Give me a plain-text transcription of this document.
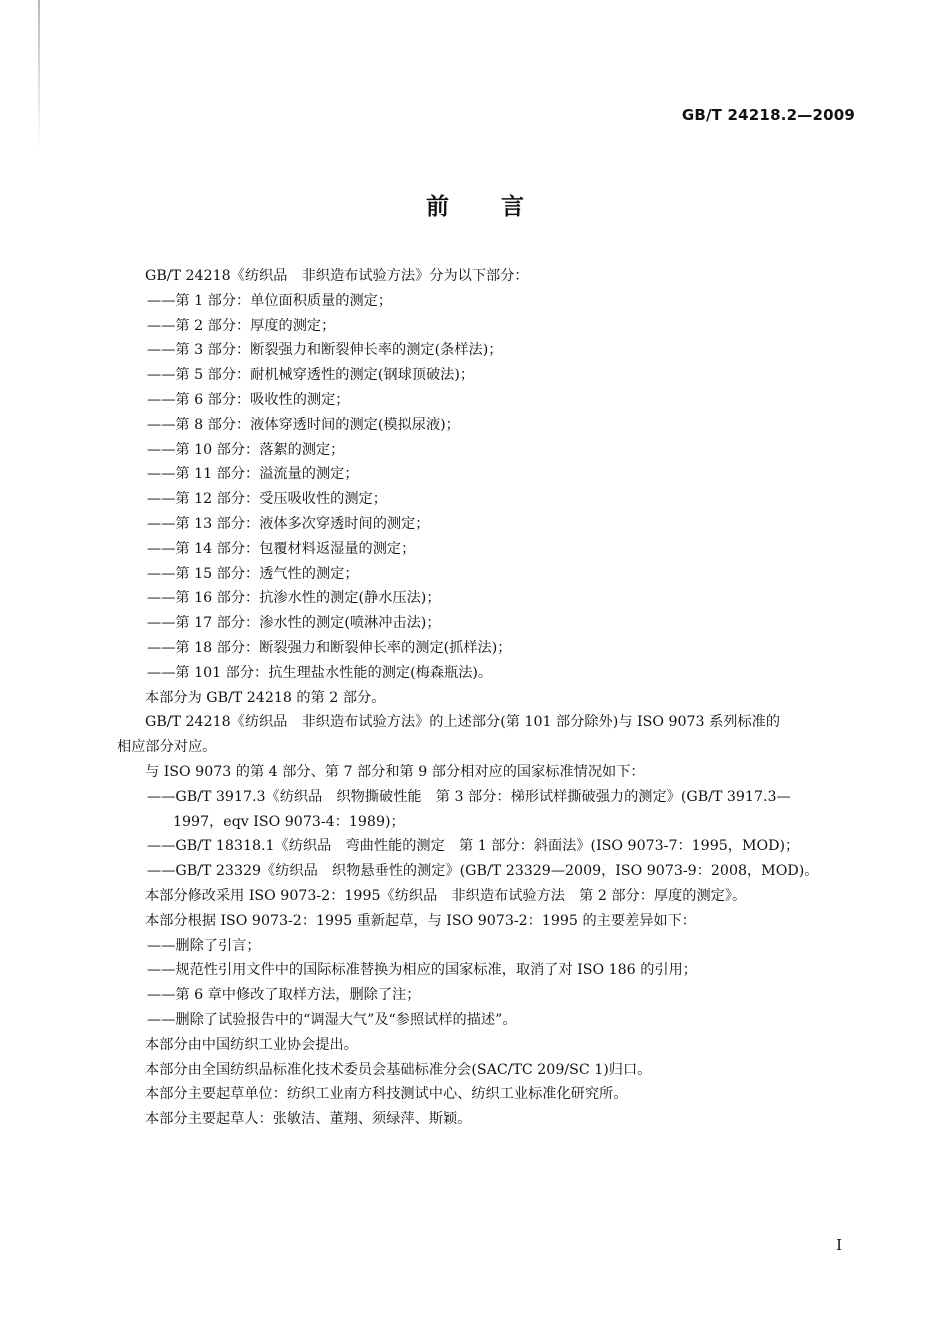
GB/T 24218.2—2009
前言

GB/T 24218《纺织品　非织造布试验方法》分为以下部分：

——第 1 部分：单位面积质量的测定；

——第 2 部分：厚度的测定；

——第 3 部分：断裂强力和断裂伸长率的测定(条样法)；

——第 5 部分：耐机械穿透性的测定(钢球顶破法)；

——第 6 部分：吸收性的测定；

——第 8 部分：液体穿透时间的测定(模拟尿液)；

——第 10 部分：落絮的测定；

——第 11 部分：溢流量的测定；

——第 12 部分：受压吸收性的测定；

——第 13 部分：液体多次穿透时间的测定；

——第 14 部分：包覆材料返湿量的测定；

——第 15 部分：透气性的测定；

——第 16 部分：抗渗水性的测定(静水压法)；

——第 17 部分：渗水性的测定(喷淋冲击法)；

——第 18 部分：断裂强力和断裂伸长率的测定(抓样法)；

——第 101 部分：抗生理盐水性能的测定(梅森瓶法)。

本部分为 GB/T 24218 的第 2 部分。

GB/T 24218《纺织品　非织造布试验方法》的上述部分(第 101 部分除外)与 ISO 9073 系列标准的

相应部分对应。

与 ISO 9073 的第 4 部分、第 7 部分和第 9 部分相对应的国家标准情况如下：

——GB/T 3917.3《纺织品　织物撕破性能　第 3 部分：梯形试样撕破强力的测定》(GB/T 3917.3—

1997，eqv ISO 9073-4：1989)；

——GB/T 18318.1《纺织品　弯曲性能的测定　第 1 部分：斜面法》(ISO 9073-7：1995，MOD)；

——GB/T 23329《纺织品　织物悬垂性的测定》(GB/T 23329—2009，ISO 9073-9：2008，MOD)。

本部分修改采用 ISO 9073-2：1995《纺织品　非织造布试验方法　第 2 部分：厚度的测定》。

本部分根据 ISO 9073-2：1995 重新起草，与 ISO 9073-2：1995 的主要差异如下：

——删除了引言；

——规范性引用文件中的国际标准替换为相应的国家标准，取消了对 ISO 186 的引用；

——第 6 章中修改了取样方法，删除了注；

——删除了试验报告中的“调湿大气”及“参照试样的描述”。

本部分由中国纺织工业协会提出。

本部分由全国纺织品标准化技术委员会基础标准分会(SAC/TC 209/SC 1)归口。

本部分主要起草单位：纺织工业南方科技测试中心、纺织工业标准化研究所。

本部分主要起草人：张敏洁、董翔、须绿萍、斯颖。

I
